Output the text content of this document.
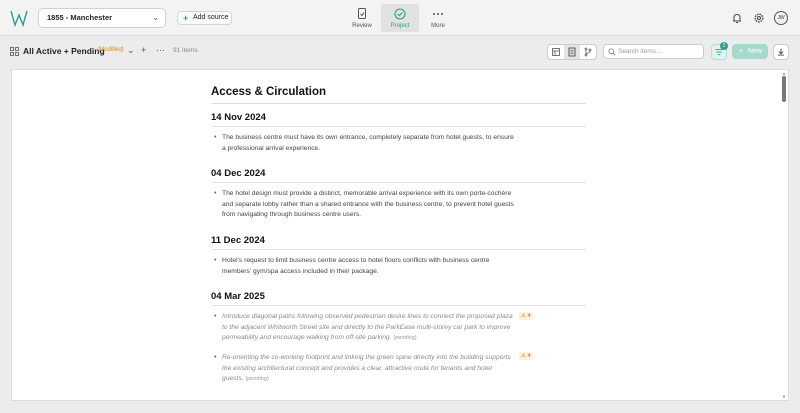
1855 - Manchester	⌄	+ Add source
Review	Project	More
JW
All Active + Pending
(Modified) ⌄ + ⋯ 91 items
Search items...	+ New
2
Access & Circulation
14 Nov 2024
• The business centre must have its own entrance, completely separate from hotel guests, to ensure a professional arrival experience.
04 Dec 2024
• The hotel design must provide a distinct, memorable arrival experience with its own porte-cochère and separate lobby rather than a shared entrance with the business centre, to prevent hotel guests from navigating through business centre users.
11 Dec 2024
• Hotel's request to limit business centre access to hotel floors conflicts with business centre members' gym/spa access included in their package.
04 Mar 2025
• Introduce diagonal paths following observed pedestrian desire lines to connect the proposed plaza to the adjacent Whitworth Street site and directly to the ParkEase multi-storey car park to improve permeability and encourage walking from off-site parking. (pending)
⚠ 4
• Re-orienting the co-working footprint and linking the green spine directly into the building supports the existing architectural concept and provides a clear, attractive route for tenants and hotel guests. (pending)
⚠ 4
▲
▼
